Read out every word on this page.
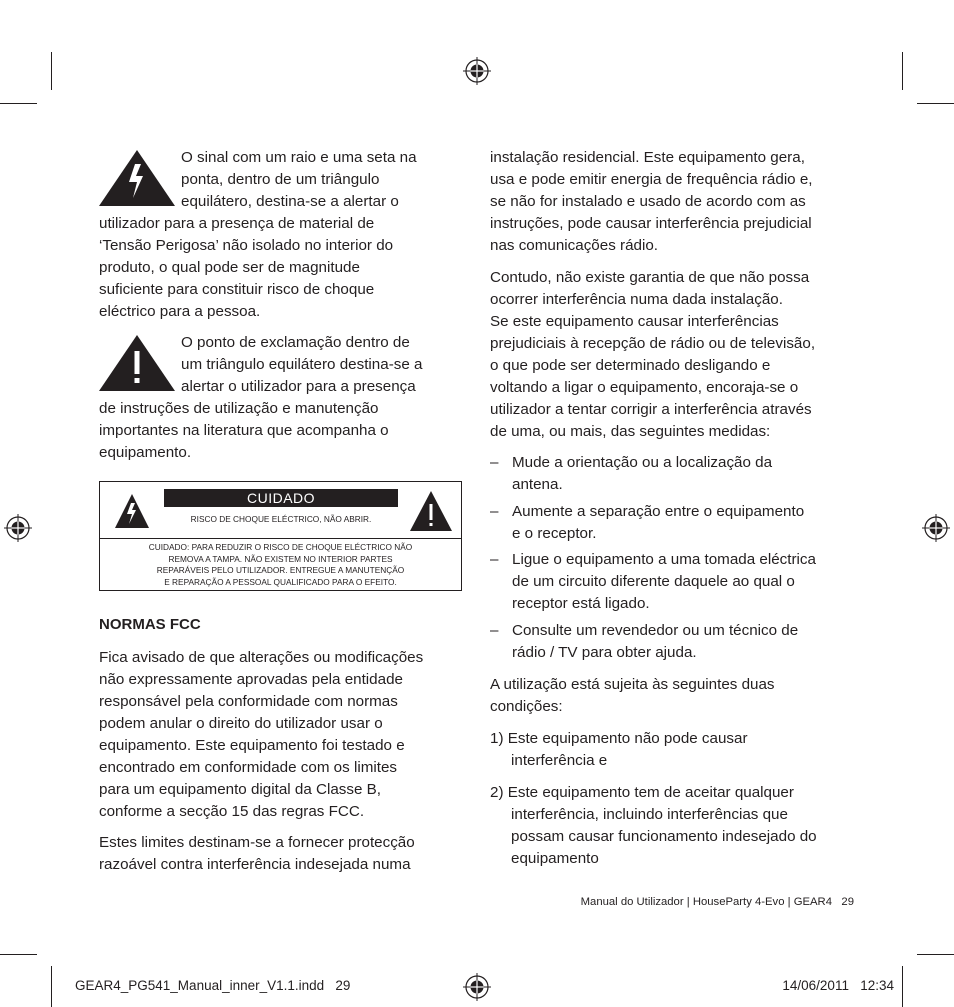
O sinal com um raio e uma seta na

ponta, dentro de um triângulo

equilátero, destina-se a alertar o

utilizador para a presença de material de

‘Tensão Perigosa’ não isolado no interior do

produto, o qual pode ser de magnitude

suficiente para constituir risco de choque

eléctrico para a pessoa.

O ponto de exclamação dentro de

um triângulo equilátero destina-se a

alertar o utilizador para a presença

de instruções de utilização e manutenção

importantes na literatura que acompanha o

equipamento.

CUIDADO
RISCO DE CHOQUE ELÉCTRICO, NÃO ABRIR.
CUIDADO: PARA REDUZIR O RISCO DE CHOQUE ELÉCTRICO NÃO
REMOVA A TAMPA. NÃO EXISTEM NO INTERIOR PARTES
REPARÁVEIS PELO UTILIZADOR. ENTREGUE A MANUTENÇÃO
E REPARAÇÃO A PESSOAL QUALIFICADO PARA O EFEITO.
NORMAS FCC

Fica avisado de que alterações ou modificações

não expressamente aprovadas pela entidade

responsável pela conformidade com normas

podem anular o direito do utilizador usar o

equipamento. Este equipamento foi testado e

encontrado em conformidade com os limites

para um equipamento digital da Classe B,

conforme a secção 15 das regras FCC.

Estes limites destinam-se a fornecer protecção

razoável contra interferência indesejada numa

instalação residencial. Este equipamento gera,

usa e pode emitir energia de frequência rádio e,

se não for instalado e usado de acordo com as

instruções, pode causar interferência prejudicial

nas comunicações rádio.

Contudo, não existe garantia de que não possa

ocorrer interferência numa dada instalação.

Se este equipamento causar interferências

prejudiciais à recepção de rádio ou de televisão,

o que pode ser determinado desligando e

voltando a ligar o equipamento, encoraja-se o

utilizador a tentar corrigir a interferência através

de uma, ou mais, das seguintes medidas:

– Mude a orientação ou a localização da

antena.

– Aumente a separação entre o equipamento

e o receptor.

– Ligue o equipamento a uma tomada eléctrica

de um circuito diferente daquele ao qual o

receptor está ligado.

– Consulte um revendedor ou um técnico de

rádio / TV para obter ajuda.

A utilização está sujeita às seguintes duas

condições:

1) Este equipamento não pode causar

interferência e

2) Este equipamento tem de aceitar qualquer

interferência, incluindo interferências que

possam causar funcionamento indesejado do

equipamento

Manual do Utilizador | HouseParty 4-Evo | GEAR4 29
GEAR4_PG541_Manual_inner_V1.1.indd   29	14/06/2011   12:34
